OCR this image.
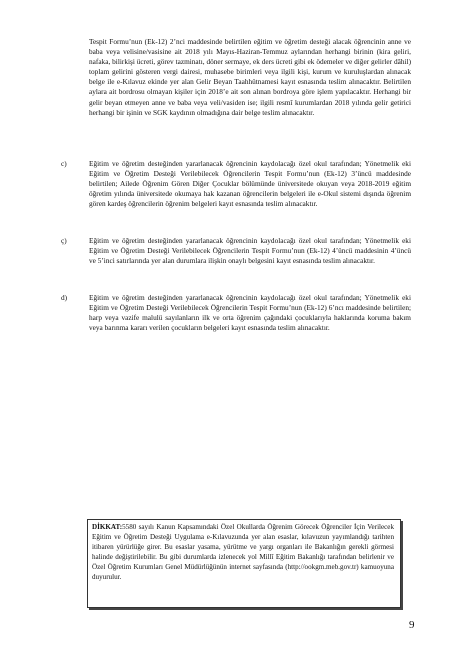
Tespit Formu’nun (Ek-12) 2’nci maddesinde belirtilen eğitim ve öğretim desteği alacak öğrencinin anne ve baba veya velisine/vasisine ait 2018 yılı Mayıs-Haziran-Temmuz aylarından herhangi birinin (kira geliri, nafaka, bilirkişi ücreti, görev tazminatı, döner sermaye, ek ders ücreti gibi ek ödemeler ve diğer gelirler dâhil) toplam gelirini gösteren vergi dairesi, muhasebe birimleri veya ilgili kişi, kurum ve kuruluşlardan alınacak belge ile e-Kılavuz ekinde yer alan Gelir Beyan Taahhütnamesi kayıt esnasında teslim alınacaktır. Belirtilen aylara ait bordrosu olmayan kişiler için 2018’e ait son alınan bordroya göre işlem yapılacaktır. Herhangi bir gelir beyan etmeyen anne ve baba veya veli/vasiden ise; ilgili resmî kurumlardan 2018 yılında gelir getirici herhangi bir işinin ve SGK kaydının olmadığına dair belge teslim alınacaktır.

c)	Eğitim ve öğretim desteğinden yararlanacak öğrencinin kaydolacağı özel okul tarafından; Yönetmelik eki Eğitim ve Öğretim Desteği Verilebilecek Öğrencilerin Tespit Formu’nun (Ek-12) 3’üncü maddesinde belirtilen; Ailede Öğrenim Gören Diğer Çocuklar bölümünde üniversitede okuyan veya 2018-2019 eğitim öğretim yılında üniversitede okumaya hak kazanan öğrencilerin belgeleri ile e-Okul sistemi dışında öğrenim gören kardeş öğrencilerin öğrenim belgeleri kayıt esnasında teslim alınacaktır.

ç)	Eğitim ve öğretim desteğinden yararlanacak öğrencinin kaydolacağı özel okul tarafından; Yönetmelik eki Eğitim ve Öğretim Desteği Verilebilecek Öğrencilerin Tespit Formu’nun (Ek-12) 4’üncü maddesinin 4’üncü ve 5’inci satırlarında yer alan durumlara ilişkin onaylı belgesini kayıt esnasında teslim alınacaktır.

d)	Eğitim ve öğretim desteğinden yararlanacak öğrencinin kaydolacağı özel okul tarafından; Yönetmelik eki Eğitim ve Öğretim Desteği Verilebilecek Öğrencilerin Tespit Formu’nun (Ek-12) 6’ncı maddesinde belirtilen; harp veya vazife malulü sayılanların ilk ve orta öğrenim çağındaki çocuklarıyla haklarında koruma bakım veya barınma kararı verilen çocukların belgeleri kayıt esnasında teslim alınacaktır.

DİKKAT:5580 sayılı Kanun Kapsamındaki Özel Okullarda Öğrenim Görecek Öğrenciler İçin Verilecek Eğitim ve Öğretim Desteği Uygulama e-Kılavuzunda yer alan esaslar, kılavuzun yayımlandığı tarihten itibaren yürürlüğe girer. Bu esaslar yasama, yürütme ve yargı organları ile Bakanlığın gerekli görmesi halinde değiştirilebilir. Bu gibi durumlarda izlenecek yol Millî Eğitim Bakanlığı tarafından belirlenir ve Özel Öğretim Kurumları Genel Müdürlüğünün internet sayfasında (http://ookgm.meb.gov.tr) kamuoyuna duyurulur.
9
